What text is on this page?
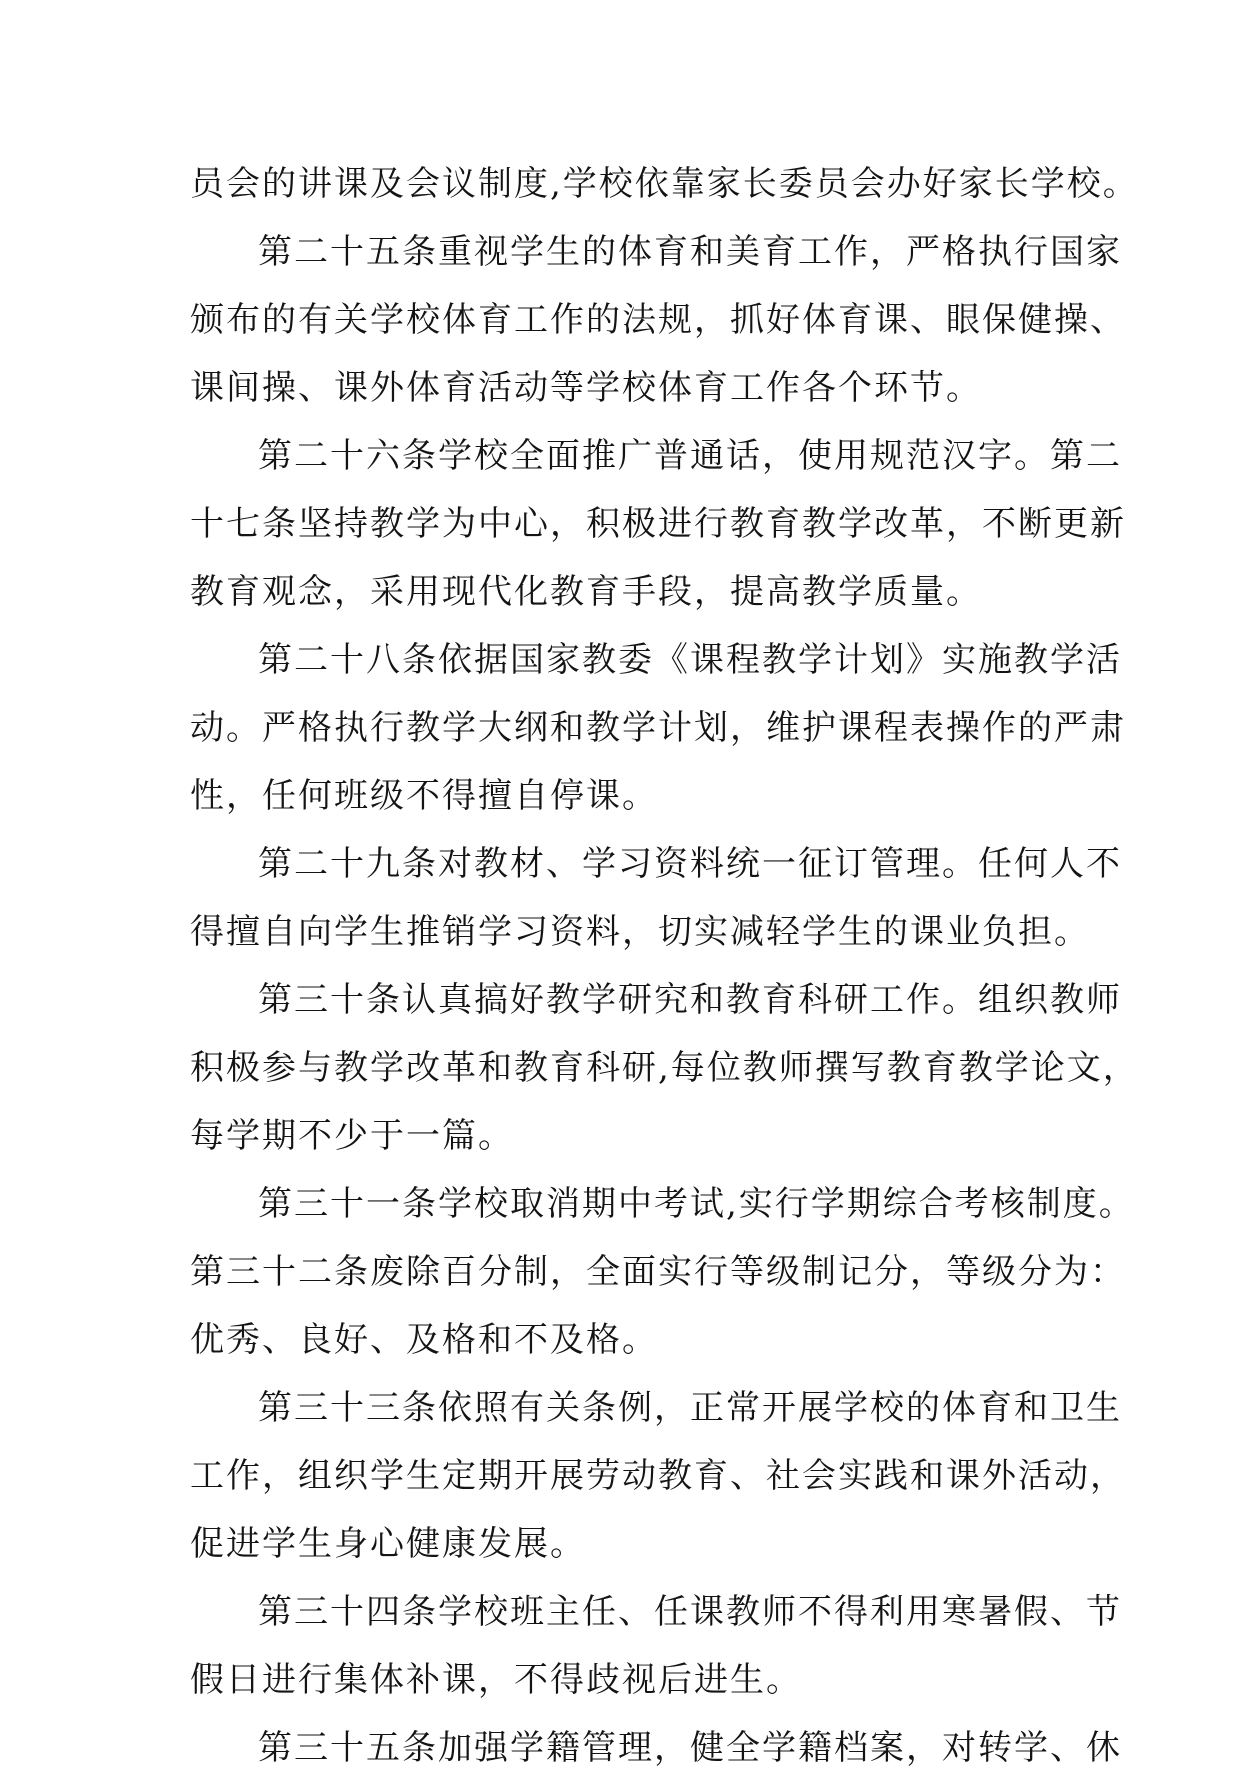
员会的讲课及会议制度,学校依靠家长委员会办好家长学校。
第二十五条重视学生的体育和美育工作，严格执行国家
颁布的有关学校体育工作的法规，抓好体育课、眼保健操、
课间操、课外体育活动等学校体育工作各个环节。
第二十六条学校全面推广普通话，使用规范汉字。第二
十七条坚持教学为中心，积极进行教育教学改革，不断更新
教育观念，采用现代化教育手段，提高教学质量。
第二十八条依据国家教委《课程教学计划》实施教学活
动。严格执行教学大纲和教学计划，维护课程表操作的严肃
性，任何班级不得擅自停课。
第二十九条对教材、学习资料统一征订管理。任何人不
得擅自向学生推销学习资料，切实减轻学生的课业负担。
第三十条认真搞好教学研究和教育科研工作。组织教师
积极参与教学改革和教育科研,每位教师撰写教育教学论文，
每学期不少于一篇。
第三十一条学校取消期中考试,实行学期综合考核制度。
第三十二条废除百分制，全面实行等级制记分，等级分为：
优秀、良好、及格和不及格。
第三十三条依照有关条例，正常开展学校的体育和卫生
工作，组织学生定期开展劳动教育、社会实践和课外活动，
促进学生身心健康发展。
第三十四条学校班主任、任课教师不得利用寒暑假、节
假日进行集体补课，不得歧视后进生。
第三十五条加强学籍管理，健全学籍档案，对转学、休
